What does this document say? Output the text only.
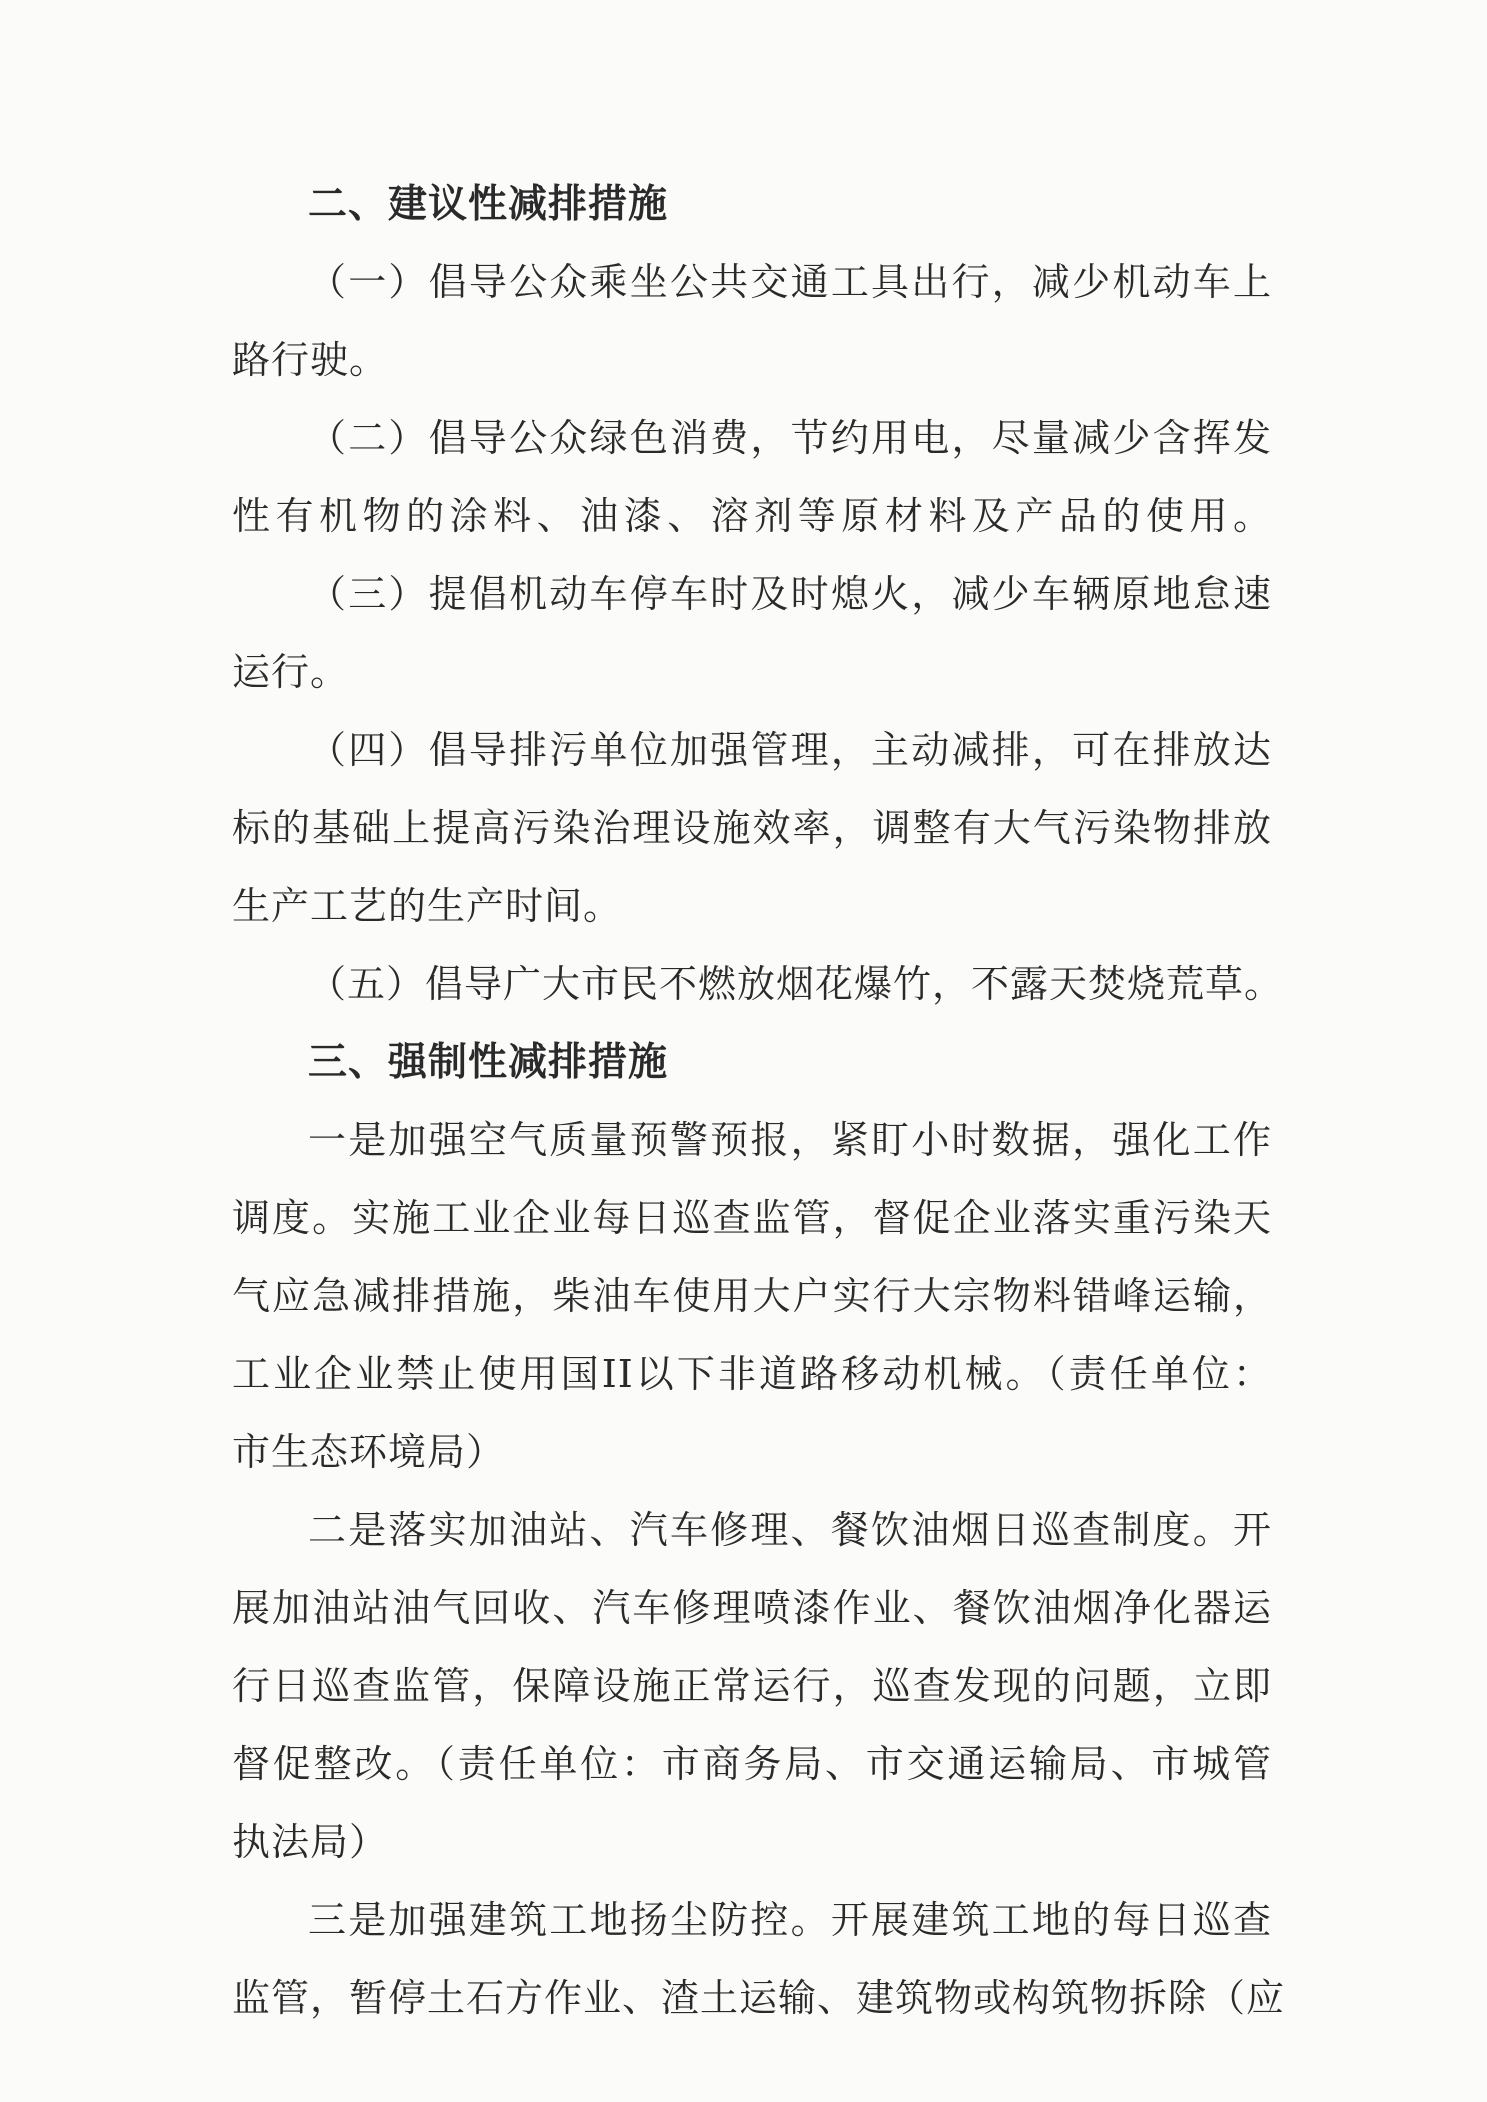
二、建议性减排措施
（一）倡导公众乘坐公共交通工具出行，减少机动车上
路行驶。
（二）倡导公众绿色消费，节约用电，尽量减少含挥发
性有机物的涂料、油漆、溶剂等原材料及产品的使用。
（三）提倡机动车停车时及时熄火，减少车辆原地怠速
运行。
（四）倡导排污单位加强管理，主动减排，可在排放达
标的基础上提高污染治理设施效率，调整有大气污染物排放
生产工艺的生产时间。
（五）倡导广大市民不燃放烟花爆竹，不露天焚烧荒草。
三、强制性减排措施
一是加强空气质量预警预报，紧盯小时数据，强化工作
调度。实施工业企业每日巡查监管，督促企业落实重污染天
气应急减排措施，柴油车使用大户实行大宗物料错峰运输，
工业企业禁止使用国II以下非道路移动机械。（责任单位：
市生态环境局）
二是落实加油站、汽车修理、餐饮油烟日巡查制度。开
展加油站油气回收、汽车修理喷漆作业、餐饮油烟净化器运
行日巡查监管，保障设施正常运行，巡查发现的问题，立即
督促整改。（责任单位：市商务局、市交通运输局、市城管
执法局）
三是加强建筑工地扬尘防控。开展建筑工地的每日巡查
监管，暂停土石方作业、渣土运输、建筑物或构筑物拆除（应
